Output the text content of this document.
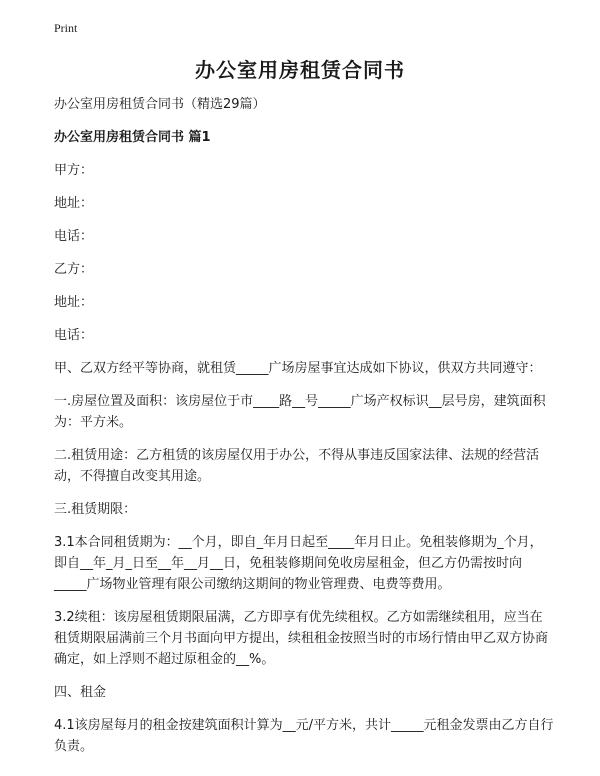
Print
办公室用房租赁合同书

办公室用房租赁合同书（精选29篇）

办公室用房租赁合同书 篇1

甲方：

地址：

电话：

乙方：

地址：

电话：

甲、乙双方经平等协商，就租赁_____广场房屋事宜达成如下协议，供双方共同遵守：

一.房屋位置及面积：该房屋位于市____路__号_____广场产权标识__层号房，建筑面积为：平方米。

二.租赁用途：乙方租赁的该房屋仅用于办公，不得从事违反国家法律、法规的经营活动，不得擅自改变其用途。

三.租赁期限：

3.1本合同租赁期为：__个月，即自_年月日起至____年月日止。免租装修期为_个月，即自__年_月_日至__年__月__日，免租装修期间免收房屋租金，但乙方仍需按时向_____广场物业管理有限公司缴纳这期间的物业管理费、电费等费用。

3.2续租：该房屋租赁期限届满，乙方即享有优先续租权。乙方如需继续租用，应当在租赁期限届满前三个月书面向甲方提出，续租租金按照当时的市场行情由甲乙双方协商确定，如上浮则不超过原租金的__%。

四、租金

4.1该房屋每月的租金按建筑面积计算为__元/平方米，共计_____元租金发票由乙方自行负责。
